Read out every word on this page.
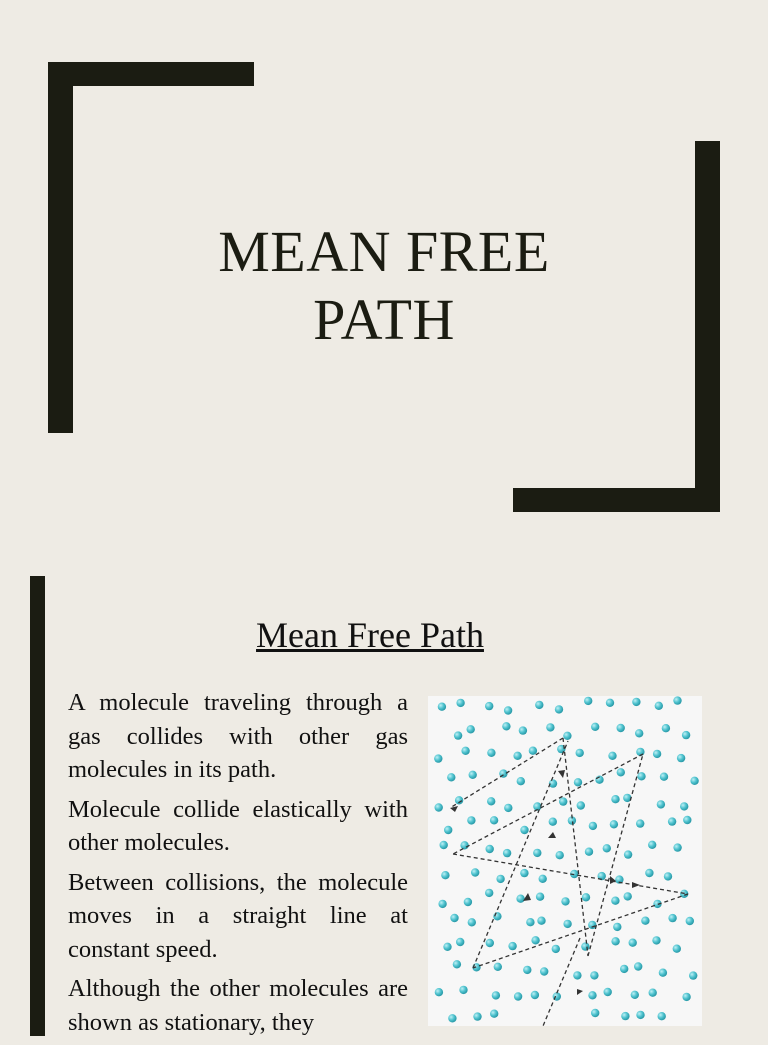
MEAN FREE
PATH
Mean Free Path

A molecule traveling through a gas collides with other gas molecules in its path.

Molecule collide elastically with other molecules.

Between collisions, the molecule moves in a straight line at constant speed.

Although the other molecules are shown as stationary, they
